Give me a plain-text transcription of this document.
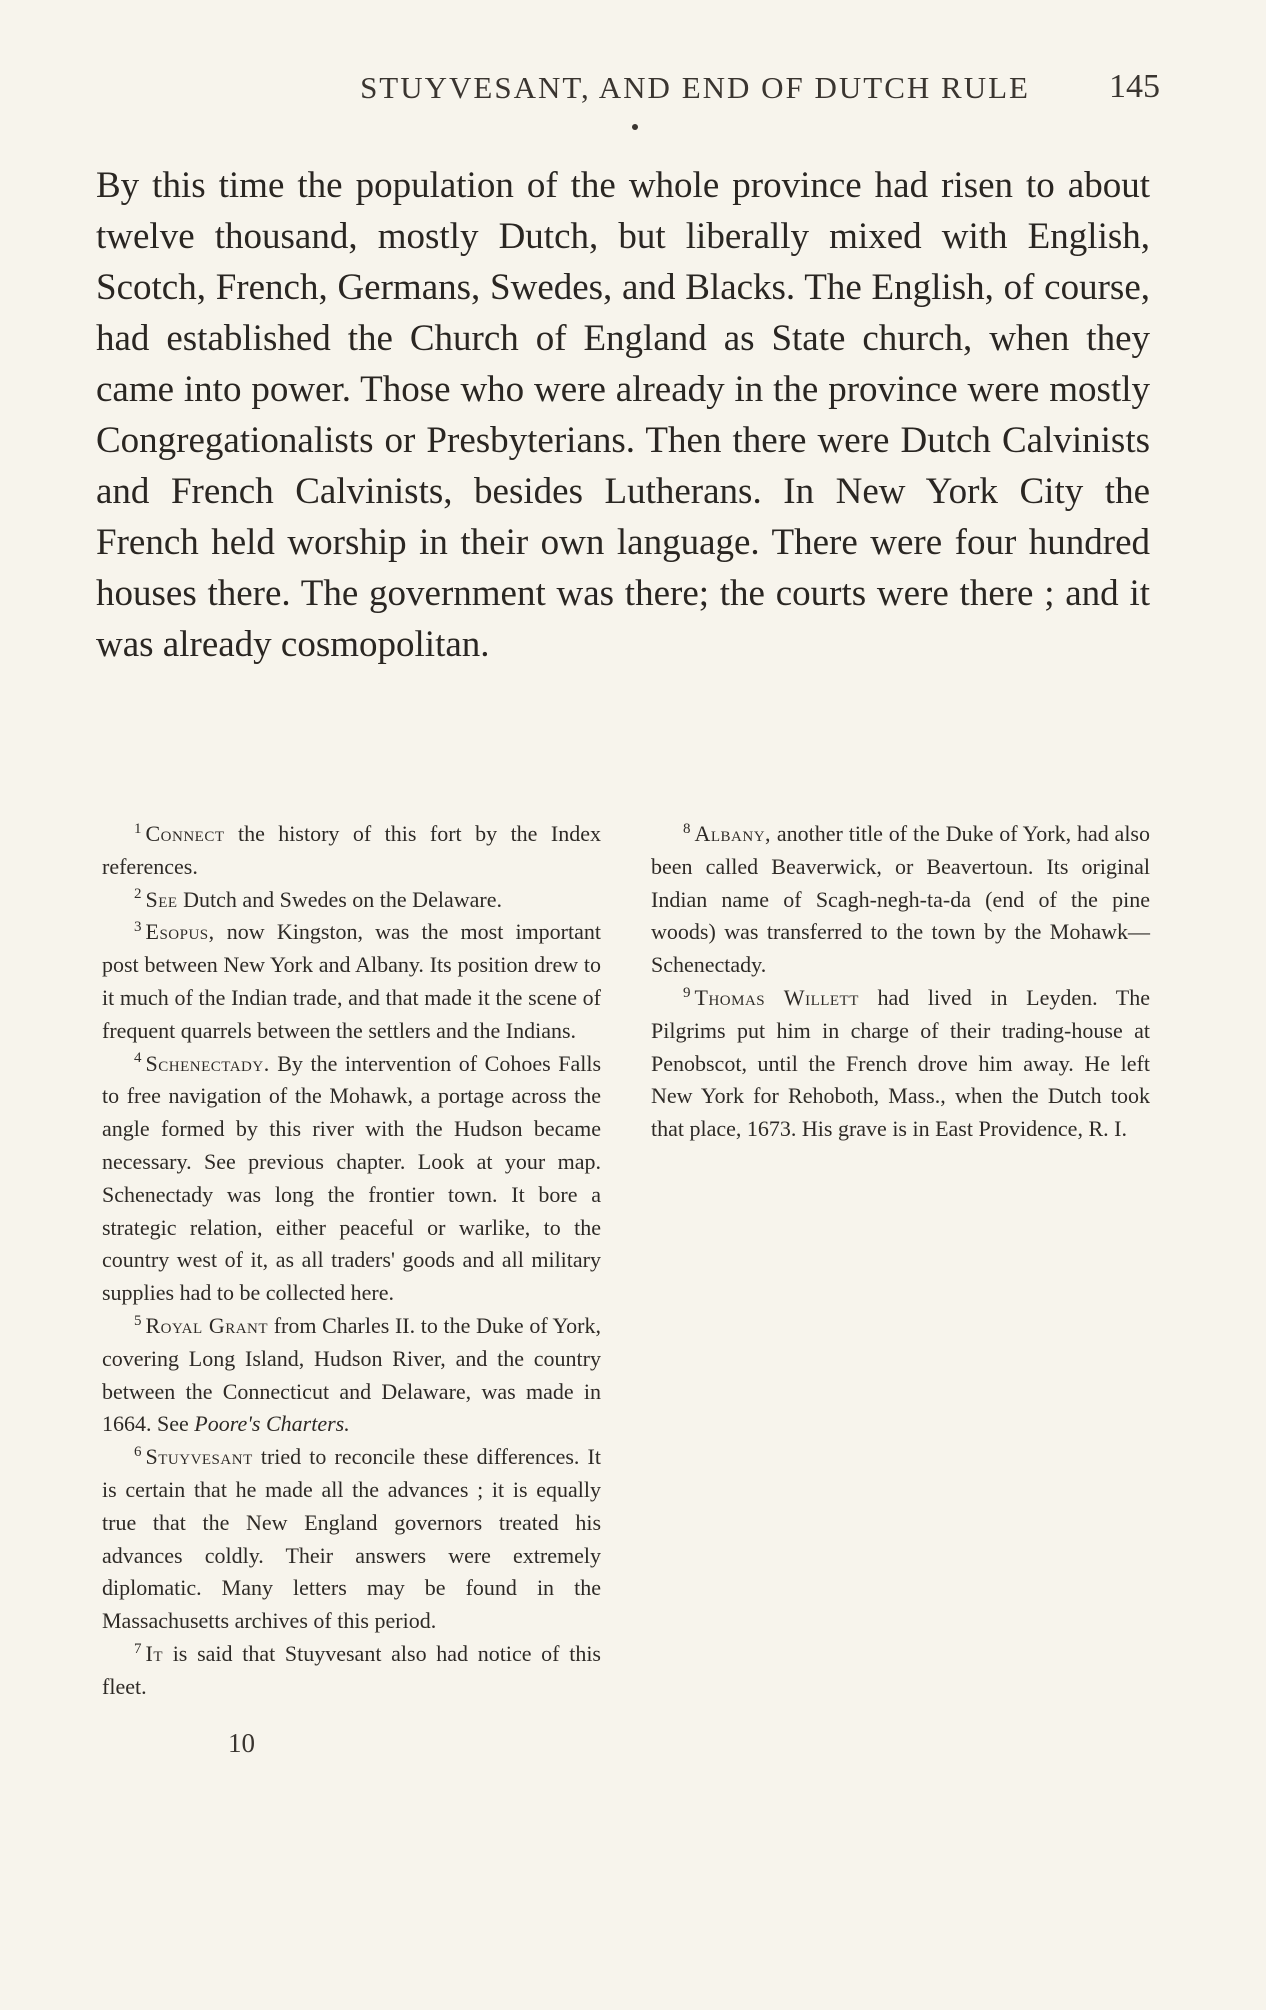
STUYVESANT, AND END OF DUTCH RULE 145

By this time the population of the whole province had risen to about twelve thousand, mostly Dutch, but liberally mixed with English, Scotch, French, Germans, Swedes, and Blacks. The English, of course, had established the Church of England as State church, when they came into power. Those who were already in the province were mostly Congregationalists or Presbyterians. Then there were Dutch Calvinists and French Calvinists, besides Lutherans. In New York City the French held worship in their own language. There were four hundred houses there. The government was there; the courts were there ; and it was already cosmopolitan.

$^1$ Connect the history of this fort by the Index references.

$^2$ See Dutch and Swedes on the Delaware.

$^3$ Esopus, now Kingston, was the most important post between New York and Albany. Its position drew to it much of the Indian trade, and that made it the scene of frequent quarrels between the settlers and the Indians.

$^4$ Schenectady. By the intervention of Cohoes Falls to free navigation of the Mohawk, a portage across the angle formed by this river with the Hudson became necessary. See previous chapter. Look at your map. Schenectady was long the frontier town. It bore a strategic relation, either peaceful or warlike, to the country west of it, as all traders' goods and all military supplies had to be collected here.

$^5$ Royal Grant from Charles II. to the Duke of York, covering Long Island, Hudson River, and the country between the Connecticut and Delaware, was made in 1664. See Poore's Charters.

$^6$ Stuyvesant tried to reconcile these differences. It is certain that he made all the advances ; it is equally true that the New England governors treated his advances coldly. Their answers were extremely diplomatic. Many letters may be found in the Massachusetts archives of this period.

$^7$ It is said that Stuyvesant also had notice of this fleet.

$^8$ Albany, another title of the Duke of York, had also been called Beaverwick, or Beavertoun. Its original Indian name of Scagh-negh-ta-da (end of the pine woods) was transferred to the town by the Mohawk—Schenectady.

$^9$ Thomas Willett had lived in Leyden. The Pilgrims put him in charge of their trading-house at Penobscot, until the French drove him away. He left New York for Rehoboth, Mass., when the Dutch took that place, 1673. His grave is in East Providence, R. I.

10
